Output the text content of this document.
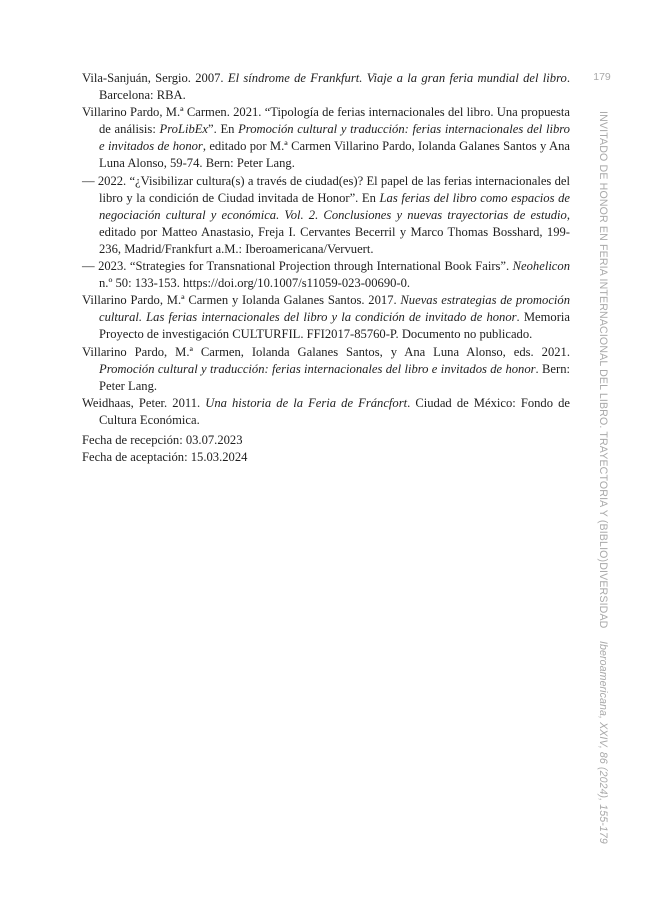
Vila-Sanjuán, Sergio. 2007. El síndrome de Frankfurt. Viaje a la gran feria mundial del libro. Barcelona: RBA.

Villarino Pardo, M.ª Carmen. 2021. “Tipología de ferias internacionales del libro. Una propuesta de análisis: ProLibEx”. En Promoción cultural y traducción: ferias internacionales del libro e invitados de honor, editado por M.ª Carmen Villarino Pardo, Iolanda Galanes Santos y Ana Luna Alonso, 59-74. Bern: Peter Lang.

— 2022. “¿Visibilizar cultura(s) a través de ciudad(es)? El papel de las ferias internacionales del libro y la condición de Ciudad invitada de Honor”. En Las ferias del libro como espacios de negociación cultural y económica. Vol. 2. Conclusiones y nuevas trayectorias de estudio, editado por Matteo Anastasio, Freja I. Cervantes Becerril y Marco Thomas Bosshard, 199-236, Madrid/Frankfurt a.M.: Iberoamericana/Vervuert.

— 2023. “Strategies for Transnational Projection through International Book Fairs”. Neohelicon n.º 50: 133-153. https://doi.org/10.1007/s11059-023-00690-0.

Villarino Pardo, M.ª Carmen y Iolanda Galanes Santos. 2017. Nuevas estrategias de promoción cultural. Las ferias internacionales del libro y la condición de invitado de honor. Memoria Proyecto de investigación CULTURFIL. FFI2017-85760-P. Documento no publicado.

Villarino Pardo, M.ª Carmen, Iolanda Galanes Santos, y Ana Luna Alonso, eds. 2021. Promoción cultural y traducción: ferias internacionales del libro e invitados de honor. Bern: Peter Lang.

Weidhaas, Peter. 2011. Una historia de la Feria de Fráncfort. Ciudad de México: Fondo de Cultura Económica.

Fecha de recepción: 03.07.2023
Fecha de aceptación: 15.03.2024
179
INVITADO DE HONOR EN FERIA INTERNACIONAL DEL LIBRO. TRAYECTORIA Y (BIBLIO)DIVERSIDAD
Iberoamericana, XXIV, 86 (2024), 155-179
